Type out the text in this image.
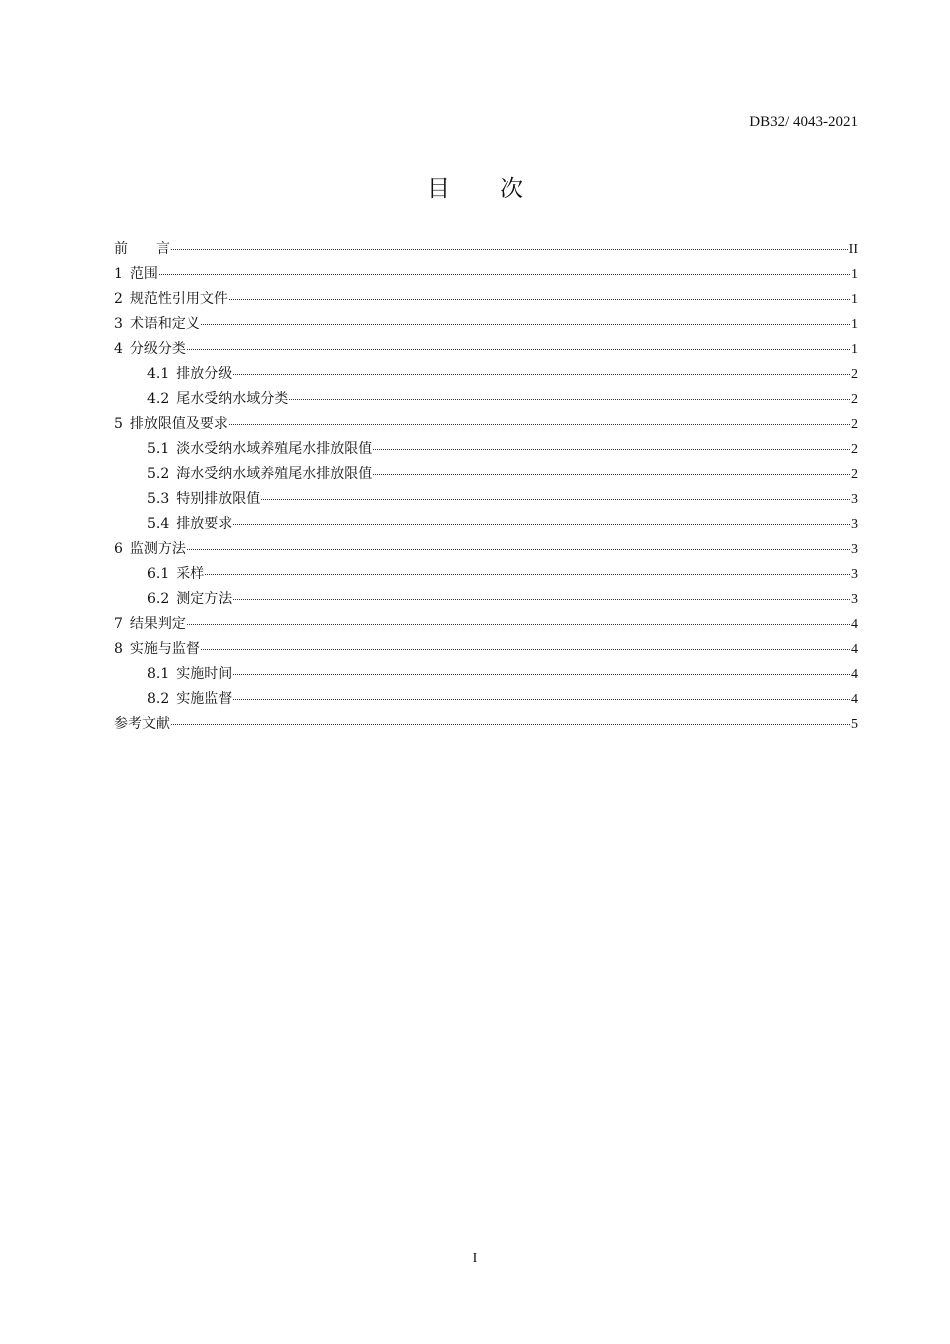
DB32/ 4043-2021
目 次
前　　言	II
1 范围	1
2 规范性引用文件	1
3 术语和定义	1
4 分级分类	1
4.1 排放分级	2
4.2 尾水受纳水域分类	2
5 排放限值及要求	2
5.1 淡水受纳水域养殖尾水排放限值	2
5.2 海水受纳水域养殖尾水排放限值	2
5.3 特别排放限值	3
5.4 排放要求	3
6 监测方法	3
6.1 采样	3
6.2 测定方法	3
7 结果判定	4
8 实施与监督	4
8.1 实施时间	4
8.2 实施监督	4
参考文献	5
I
